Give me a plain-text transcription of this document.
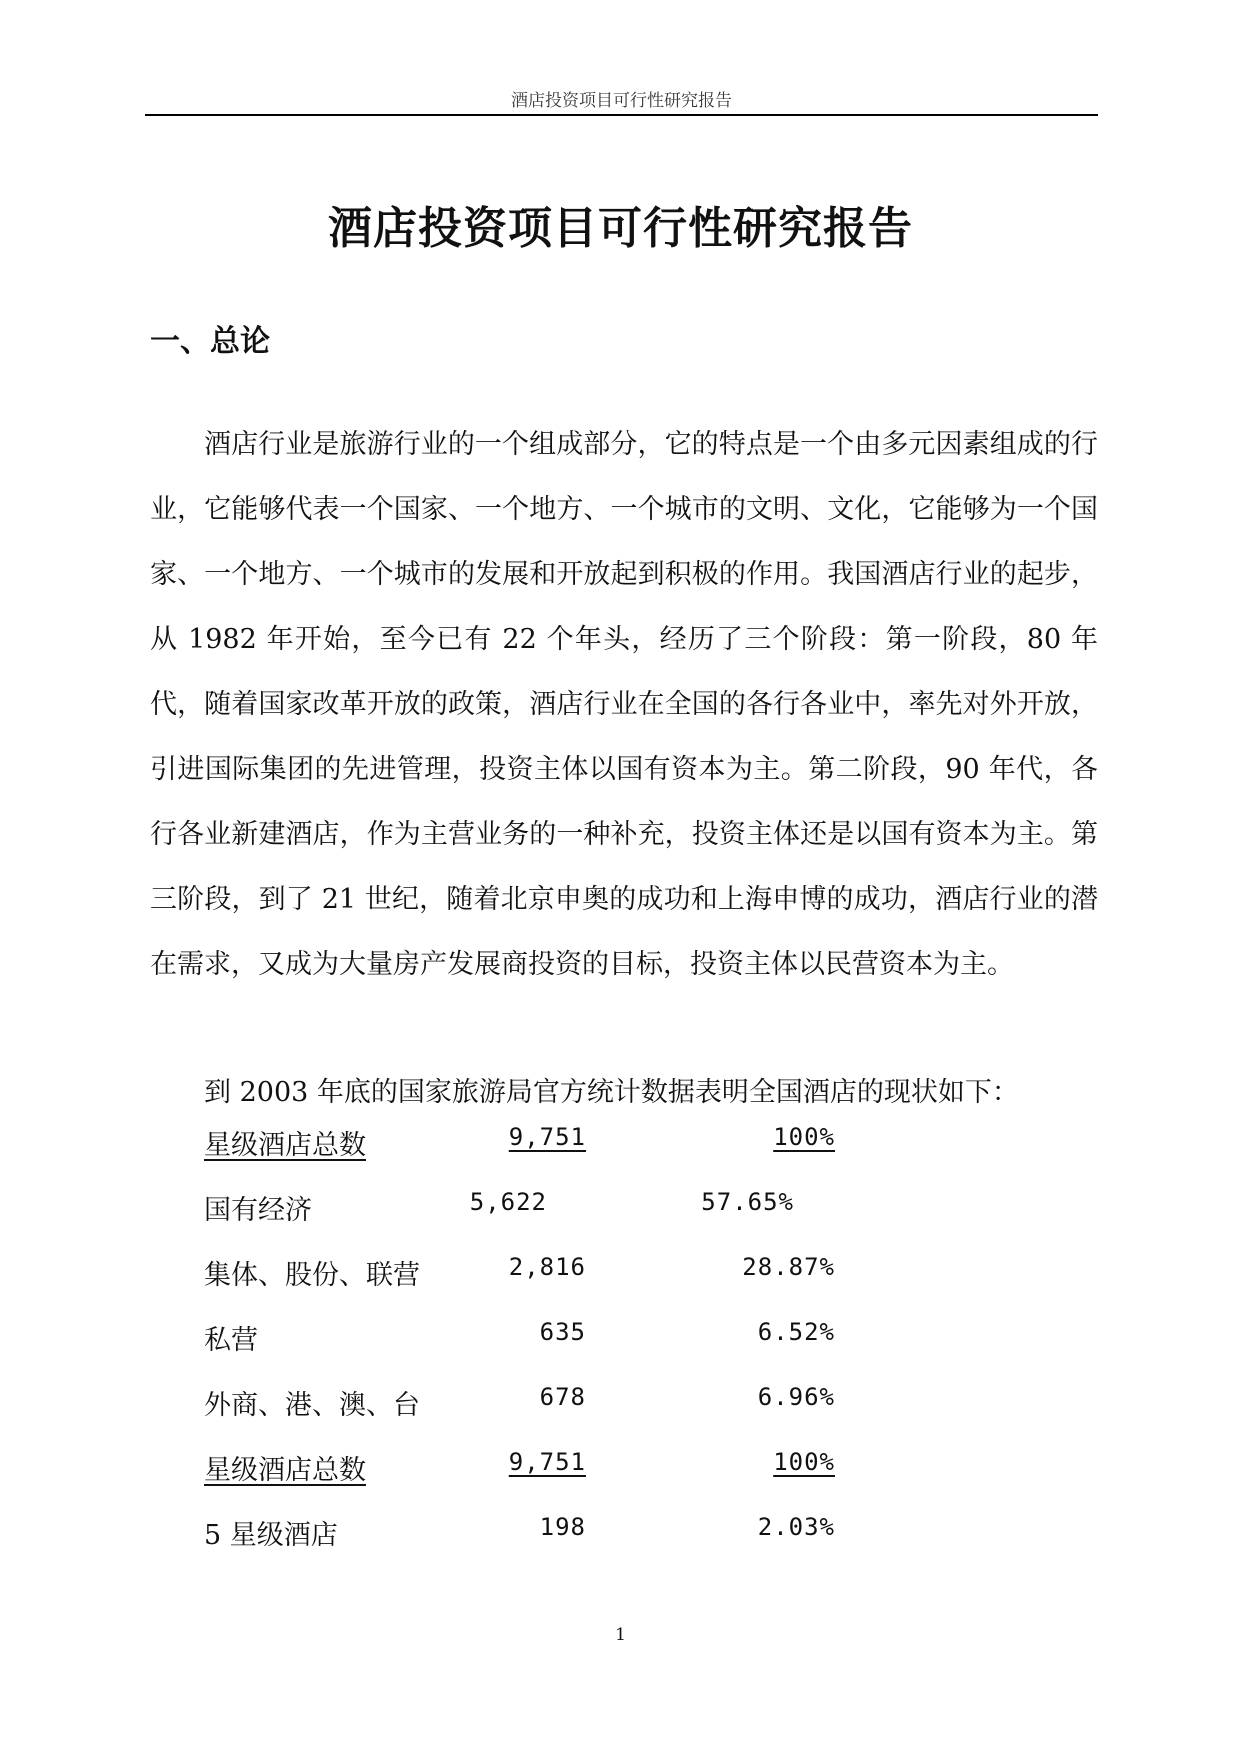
酒店投资项目可行性研究报告
酒店投资项目可行性研究报告
一、总论

酒店行业是旅游行业的一个组成部分，它的特点是一个由多元因素组成的行业，它能够代表一个国家、一个地方、一个城市的文明、文化，它能够为一个国家、一个地方、一个城市的发展和开放起到积极的作用。我国酒店行业的起步，从 1982 年开始，至今已有 22 个年头，经历了三个阶段：第一阶段，80 年代，随着国家改革开放的政策，酒店行业在全国的各行各业中，率先对外开放，引进国际集团的先进管理，投资主体以国有资本为主。第二阶段，90 年代，各行各业新建酒店，作为主营业务的一种补充，投资主体还是以国有资本为主。第三阶段，到了 21 世纪，随着北京申奥的成功和上海申博的成功，酒店行业的潜在需求，又成为大量房产发展商投资的目标，投资主体以民营资本为主。

到 2003 年底的国家旅游局官方统计数据表明全国酒店的现状如下：

星级酒店总数	9,751	100%
国有经济	5,622	57.65%
集体、股份、联营	2,816	28.87%
私营	635	6.52%
外商、港、澳、台	678	6.96%
星级酒店总数	9,751	100%
5 星级酒店	198	2.03%
1
